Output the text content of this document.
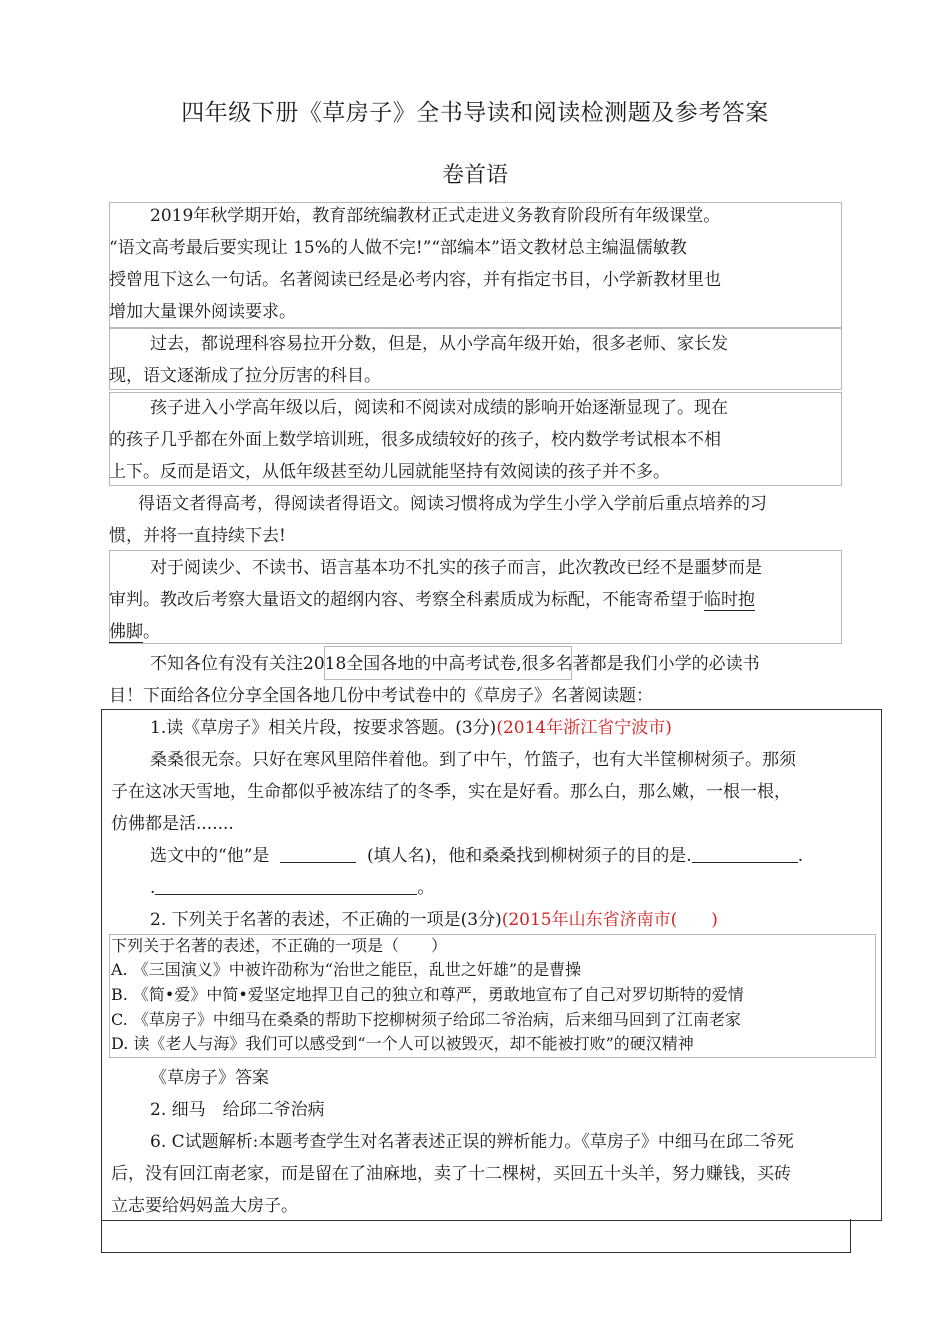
四年级下册《草房子》全书导读和阅读检测题及参考答案
卷首语
2019年秋学期开始，教育部统编教材正式走进义务教育阶段所有年级课堂。
“语文高考最后要实现让 15%的人做不完!”“部编本”语文教材总主编温儒敏教
授曾甩下这么一句话。名著阅读已经是必考内容，并有指定书目，小学新教材里也
增加大量课外阅读要求。
过去，都说理科容易拉开分数，但是，从小学高年级开始，很多老师、家长发
现，语文逐渐成了拉分厉害的科目。
孩子进入小学高年级以后，阅读和不阅读对成绩的影响开始逐渐显现了。现在
的孩子几乎都在外面上数学培训班，很多成绩较好的孩子，校内数学考试根本不相
上下。反而是语文，从低年级甚至幼儿园就能坚持有效阅读的孩子并不多。
得语文者得高考，得阅读者得语文。阅读习惯将成为学生小学入学前后重点培养的习
惯，并将一直持续下去!
对于阅读少、不读书、语言基本功不扎实的孩子而言，此次教改已经不是噩梦而是
审判。教改后考察大量语文的超纲内容、考察全科素质成为标配，不能寄希望于临时抱
佛脚。
不知各位有没有关注2018全国各地的中高考试卷,很多名著都是我们小学的必读书
目！下面给各位分享全国各地几份中考试卷中的《草房子》名著阅读题：
1.读《草房子》相关片段，按要求答题。(3分)(2014年浙江省宁波市)
桑桑很无奈。只好在寒风里陪伴着他。到了中午，竹篮子，也有大半筐柳树须子。那须
子在这冰天雪地，生命都似乎被冻结了的冬季，实在是好看。那么白，那么嫩，一根一根，
仿佛都是活.......
选文中的“他”是	(填人名)，他和桑桑找到柳树须子的目的是.	.
.	。
2. 下列关于名著的表述，不正确的一项是(3分)(2015年山东省济南市(　　)
下列关于名著的表述，不正确的一项是（　　）
A. 《三国演义》中被许劭称为“治世之能臣，乱世之奸雄”的是曹操
B. 《简•爱》中简•爱坚定地捍卫自己的独立和尊严，勇敢地宣布了自己对罗切斯特的爱情
C. 《草房子》中细马在桑桑的帮助下挖柳树须子给邱二爷治病，后来细马回到了江南老家
D. 读《老人与海》我们可以感受到“一个人可以被毁灭，却不能被打败”的硬汉精神
《草房子》答案
2. 细马　给邱二爷治病
6. C试题解析:本题考查学生对名著表述正误的辨析能力。《草房子》中细马在邱二爷死
后，没有回江南老家，而是留在了油麻地，卖了十二棵树，买回五十头羊，努力赚钱，买砖
立志要给妈妈盖大房子。
